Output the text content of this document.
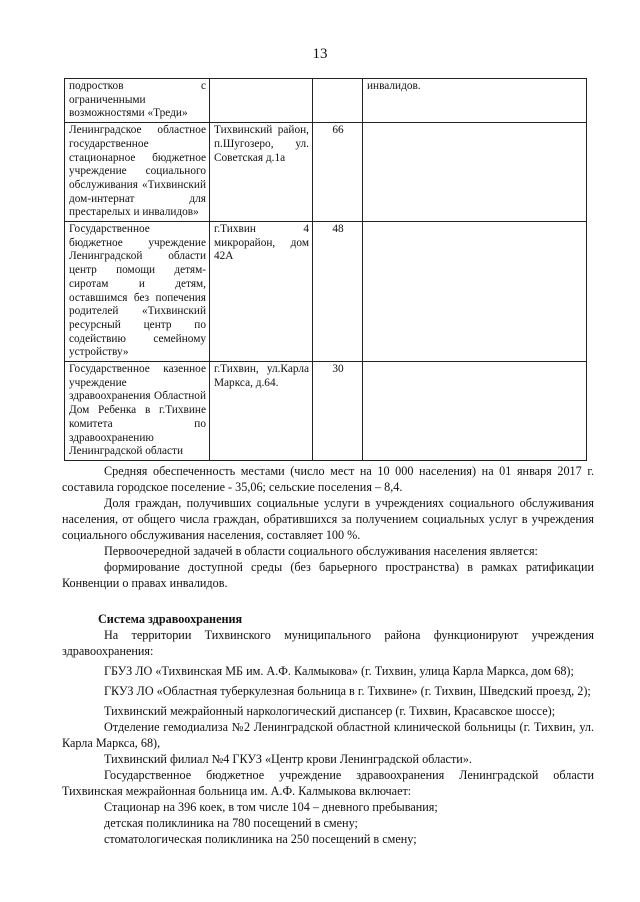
13
подростков с ограниченными возможностями «Треди»			инвалидов.
Ленинградское областное государственное стационарное бюджетное учреждение социального обслуживания «Тихвинский дом-интернат для престарелых и инвалидов»	Тихвинский район, п.Шугозеро, ул. Советская д.1а	66	
Государственное бюджетное учреждение Ленинградской области центр помощи детям-сиротам и детям, оставшимся без попечения родителей «Тихвинский ресурсный центр по содействию семейному устройству»	г.Тихвин 4 микрорайон, дом 42А	48	
Государственное казенное учреждение здравоохранения Областной Дом Ребенка в г.Тихвине комитета по здравоохранению Ленинградской области	г.Тихвин, ул.Карла Маркса, д.64.	30	

Средняя обеспеченность местами (число мест на 10 000 населения) на 01 января 2017 г. составила городское поселение - 35,06; сельские поселения – 8,4.

Доля граждан, получивших социальные услуги в учреждениях социального обслуживания населения, от общего числа граждан, обратившихся за получением социальных услуг в учреждения социального обслуживания населения, составляет 100 %.

Первоочередной задачей в области социального обслуживания населения является:

формирование доступной среды (без барьерного пространства) в рамках ратификации Конвенции о правах инвалидов.

Система здравоохранения

На территории Тихвинского муниципального района функционируют учреждения здравоохранения:

ГБУЗ ЛО «Тихвинская МБ им. А.Ф. Калмыкова» (г. Тихвин, улица Карла Маркса, дом 68);

ГКУЗ ЛО «Областная туберкулезная больница в г. Тихвине» (г. Тихвин, Шведский проезд, 2);

Тихвинский межрайонный наркологический диспансер (г. Тихвин, Красавское шоссе);

Отделение гемодиализа №2 Ленинградской областной клинической больницы (г. Тихвин, ул. Карла Маркса, 68),

Тихвинский филиал №4 ГКУЗ «Центр крови Ленинградской области».

Государственное бюджетное учреждение здравоохранения Ленинградской области Тихвинская межрайонная больница им. А.Ф. Калмыкова включает:

Стационар на 396 коек, в том числе 104 – дневного пребывания;

детская поликлиника на 780 посещений в смену;

стоматологическая поликлиника на 250 посещений в смену;
